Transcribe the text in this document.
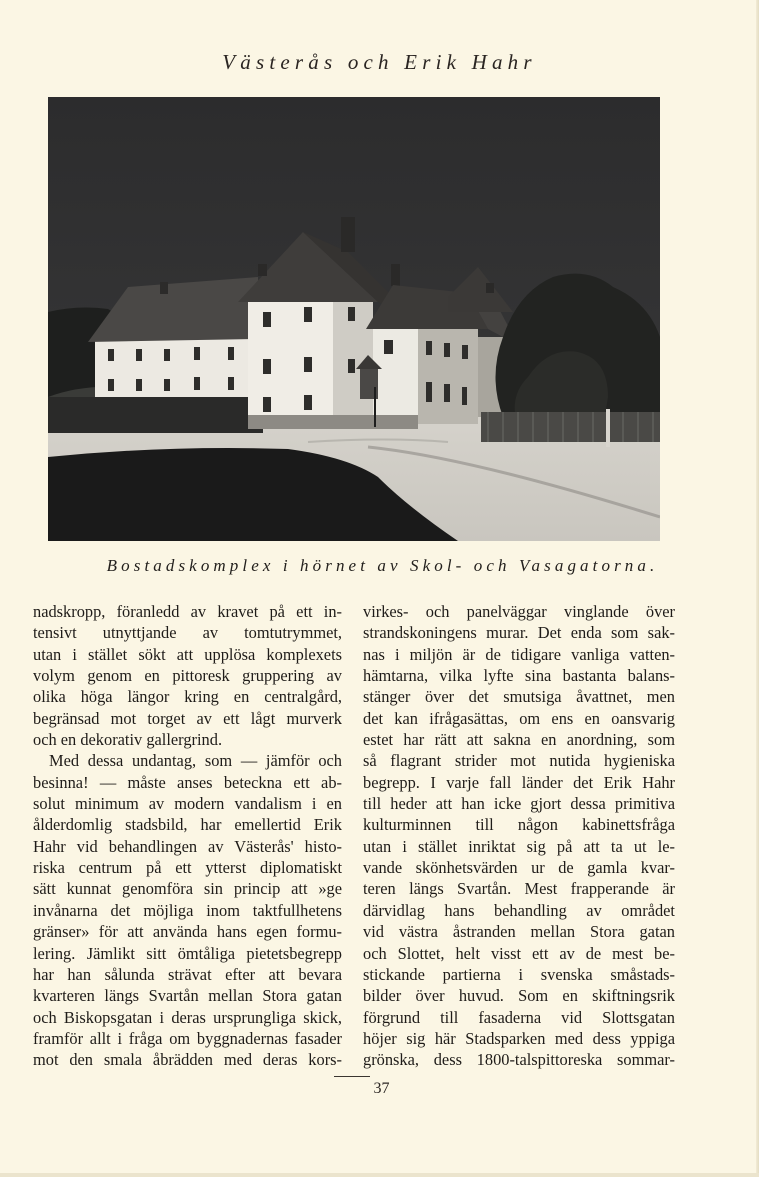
Västerås och Erik Hahr
Bostadskomplex i hörnet av Skol- och Vasagatorna.
nadskropp, föranledd av kravet på ett in-
tensivt utnyttjande av tomtutrymmet,
utan i stället sökt att upplösa komplexets
volym genom en pittoresk gruppering av
olika höga längor kring en centralgård,
begränsad mot torget av ett lågt murverk
och en dekorativ gallergrind.
Med dessa undantag, som — jämför och
besinna! — måste anses beteckna ett ab-
solut minimum av modern vandalism i en
ålderdomlig stadsbild, har emellertid Erik
Hahr vid behandlingen av Västerås' histo-
riska centrum på ett ytterst diplomatiskt
sätt kunnat genomföra sin princip att »ge
invånarna det möjliga inom taktfullhetens
gränser» för att använda hans egen formu-
lering. Jämlikt sitt ömtåliga pietetsbegrepp
har han sålunda strävat efter att bevara
kvarteren längs Svartån mellan Stora gatan
och Biskopsgatan i deras ursprungliga skick,
framför allt i fråga om byggnadernas fasader
mot den smala åbrädden med deras kors-
virkes- och panelväggar vinglande över
strandskoningens murar. Det enda som sak-
nas i miljön är de tidigare vanliga vatten-
hämtarna, vilka lyfte sina bastanta balans-
stänger över det smutsiga åvattnet, men
det kan ifrågasättas, om ens en oansvarig
estet har rätt att sakna en anordning, som
så flagrant strider mot nutida hygieniska
begrepp. I varje fall länder det Erik Hahr
till heder att han icke gjort dessa primitiva
kulturminnen till någon kabinettsfråga
utan i stället inriktat sig på att ta ut le-
vande skönhetsvärden ur de gamla kvar-
teren längs Svartån. Mest frapperande är
därvidlag hans behandling av området
vid västra åstranden mellan Stora gatan
och Slottet, helt visst ett av de mest be-
stickande partierna i svenska småstads-
bilder över huvud. Som en skiftningsrik
förgrund till fasaderna vid Slottsgatan
höjer sig här Stadsparken med dess yppiga
grönska, dess 1800-talspittoreska sommar-
37
